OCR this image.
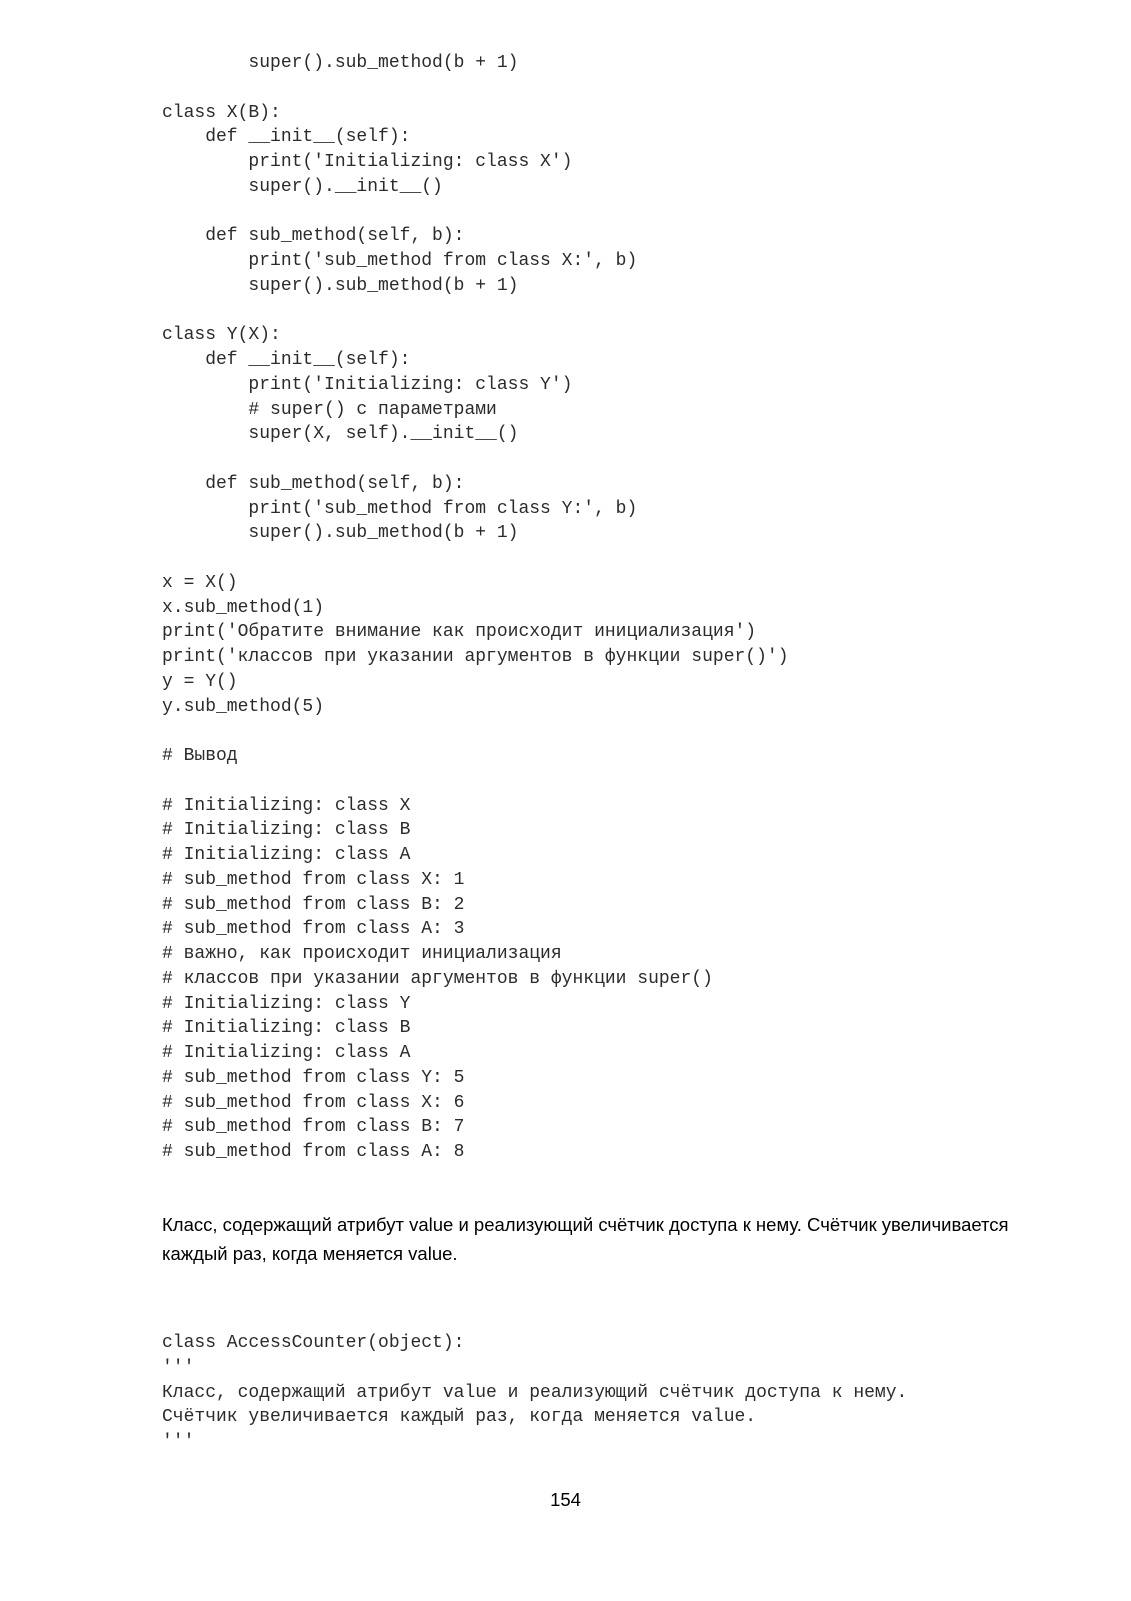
super().sub_method(b + 1)
class X(B):
def __init__(self):
print('Initializing: class X')
super().__init__()
def sub_method(self, b):
print('sub_method from class X:', b)
super().sub_method(b + 1)
class Y(X):
def __init__(self):
print('Initializing: class Y')
# super() с параметрами
super(X, self).__init__()
def sub_method(self, b):
print('sub_method from class Y:', b)
super().sub_method(b + 1)
x = X()
x.sub_method(1)
print('Обратите внимание как происходит инициализация')
print('классов при указании аргументов в функции super()')
y = Y()
y.sub_method(5)
# Вывод
# Initializing: class X
# Initializing: class B
# Initializing: class A
# sub_method from class X: 1
# sub_method from class B: 2
# sub_method from class A: 3
# важно, как происходит инициализация
# классов при указании аргументов в функции super()
# Initializing: class Y
# Initializing: class B
# Initializing: class A
# sub_method from class Y: 5
# sub_method from class X: 6
# sub_method from class B: 7
# sub_method from class A: 8

Класс, содержащий атрибут value и реализующий счётчик доступа к нему. Счётчик увеличивается
каждый раз, когда меняется value.

class AccessCounter(object):
'''
Класс, содержащий атрибут value и реализующий счётчик доступа к нему.
Счётчик увеличивается каждый раз, когда меняется value.
'''
154
